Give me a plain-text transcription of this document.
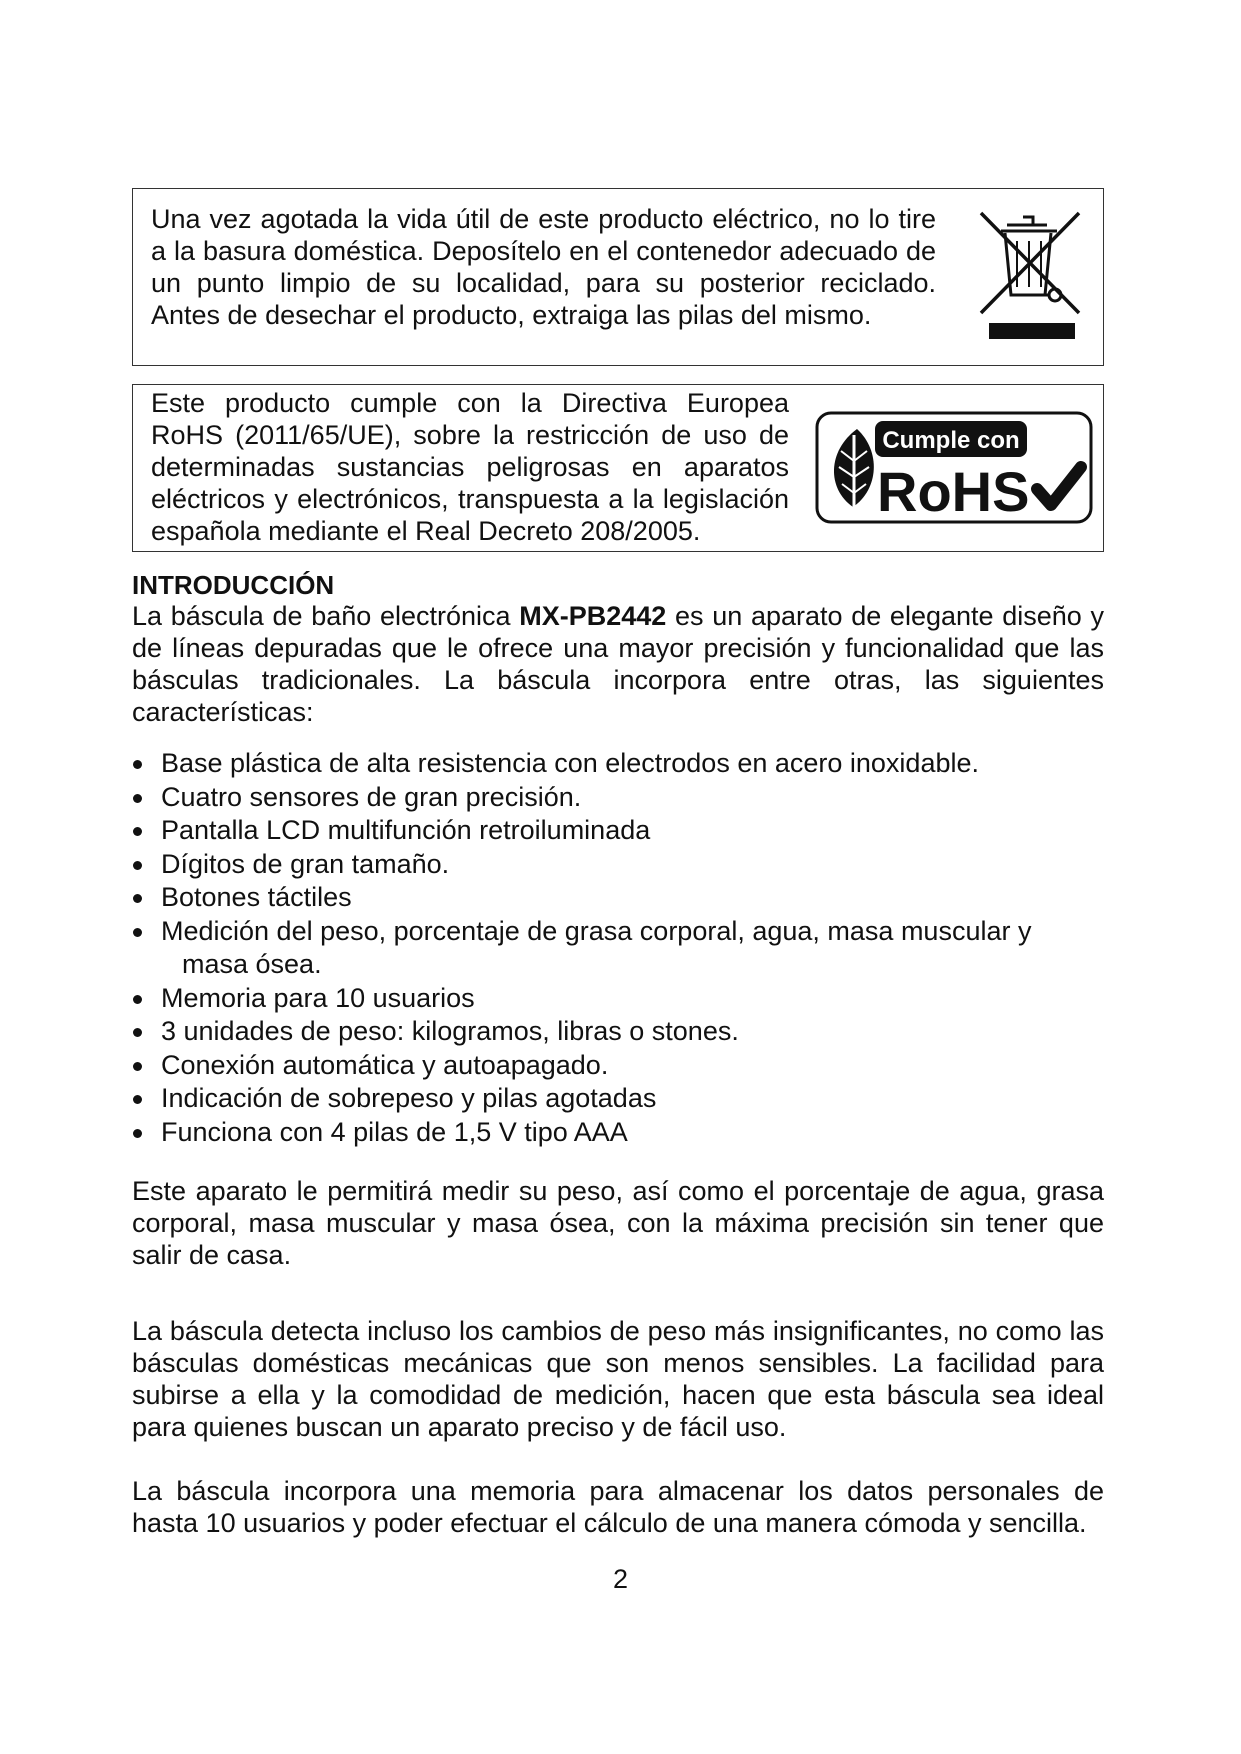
Una vez agotada la vida útil de este producto eléctrico, no lo tire a la basura doméstica. Deposítelo en el contenedor adecuado de un punto limpio de su localidad, para su posterior reciclado. Antes de desechar el producto, extraiga las pilas del mismo.
Este producto cumple con la Directiva Europea RoHS (2011/65/UE), sobre la restricción de uso de determinadas sustancias peligrosas en aparatos eléctricos y electrónicos, transpuesta a la legislación española mediante el Real Decreto 208/2005.
Cumple con
RoHS
INTRODUCCIÓN
La báscula de baño electrónica MX-PB2442 es un aparato de elegante diseño y de líneas depuradas que le ofrece una mayor precisión y funcionalidad que las básculas tradicionales. La báscula incorpora entre otras, las siguientes características:
Base plástica de alta resistencia con electrodos en acero inoxidable.
Cuatro sensores de gran precisión.
Pantalla LCD multifunción retroiluminada
Dígitos de gran tamaño.
Botones táctiles
Medición del peso, porcentaje de grasa corporal, agua, masa muscular y
masa ósea.
Memoria para 10 usuarios
3 unidades de peso: kilogramos, libras o stones.
Conexión automática y autoapagado.
Indicación de sobrepeso y pilas agotadas
Funciona con 4 pilas de 1,5 V tipo AAA
Este aparato le permitirá medir su peso, así como el porcentaje de agua, grasa corporal, masa muscular y masa ósea, con la máxima precisión sin tener que salir de casa.
La báscula detecta incluso los cambios de peso más insignificantes, no como las básculas domésticas mecánicas que son menos sensibles. La facilidad para subirse a ella y la comodidad de medición, hacen que esta báscula sea ideal para quienes buscan un aparato preciso y de fácil uso.
La báscula incorpora una memoria para almacenar los datos personales de hasta 10 usuarios y poder efectuar el cálculo de una manera cómoda y sencilla.
2
